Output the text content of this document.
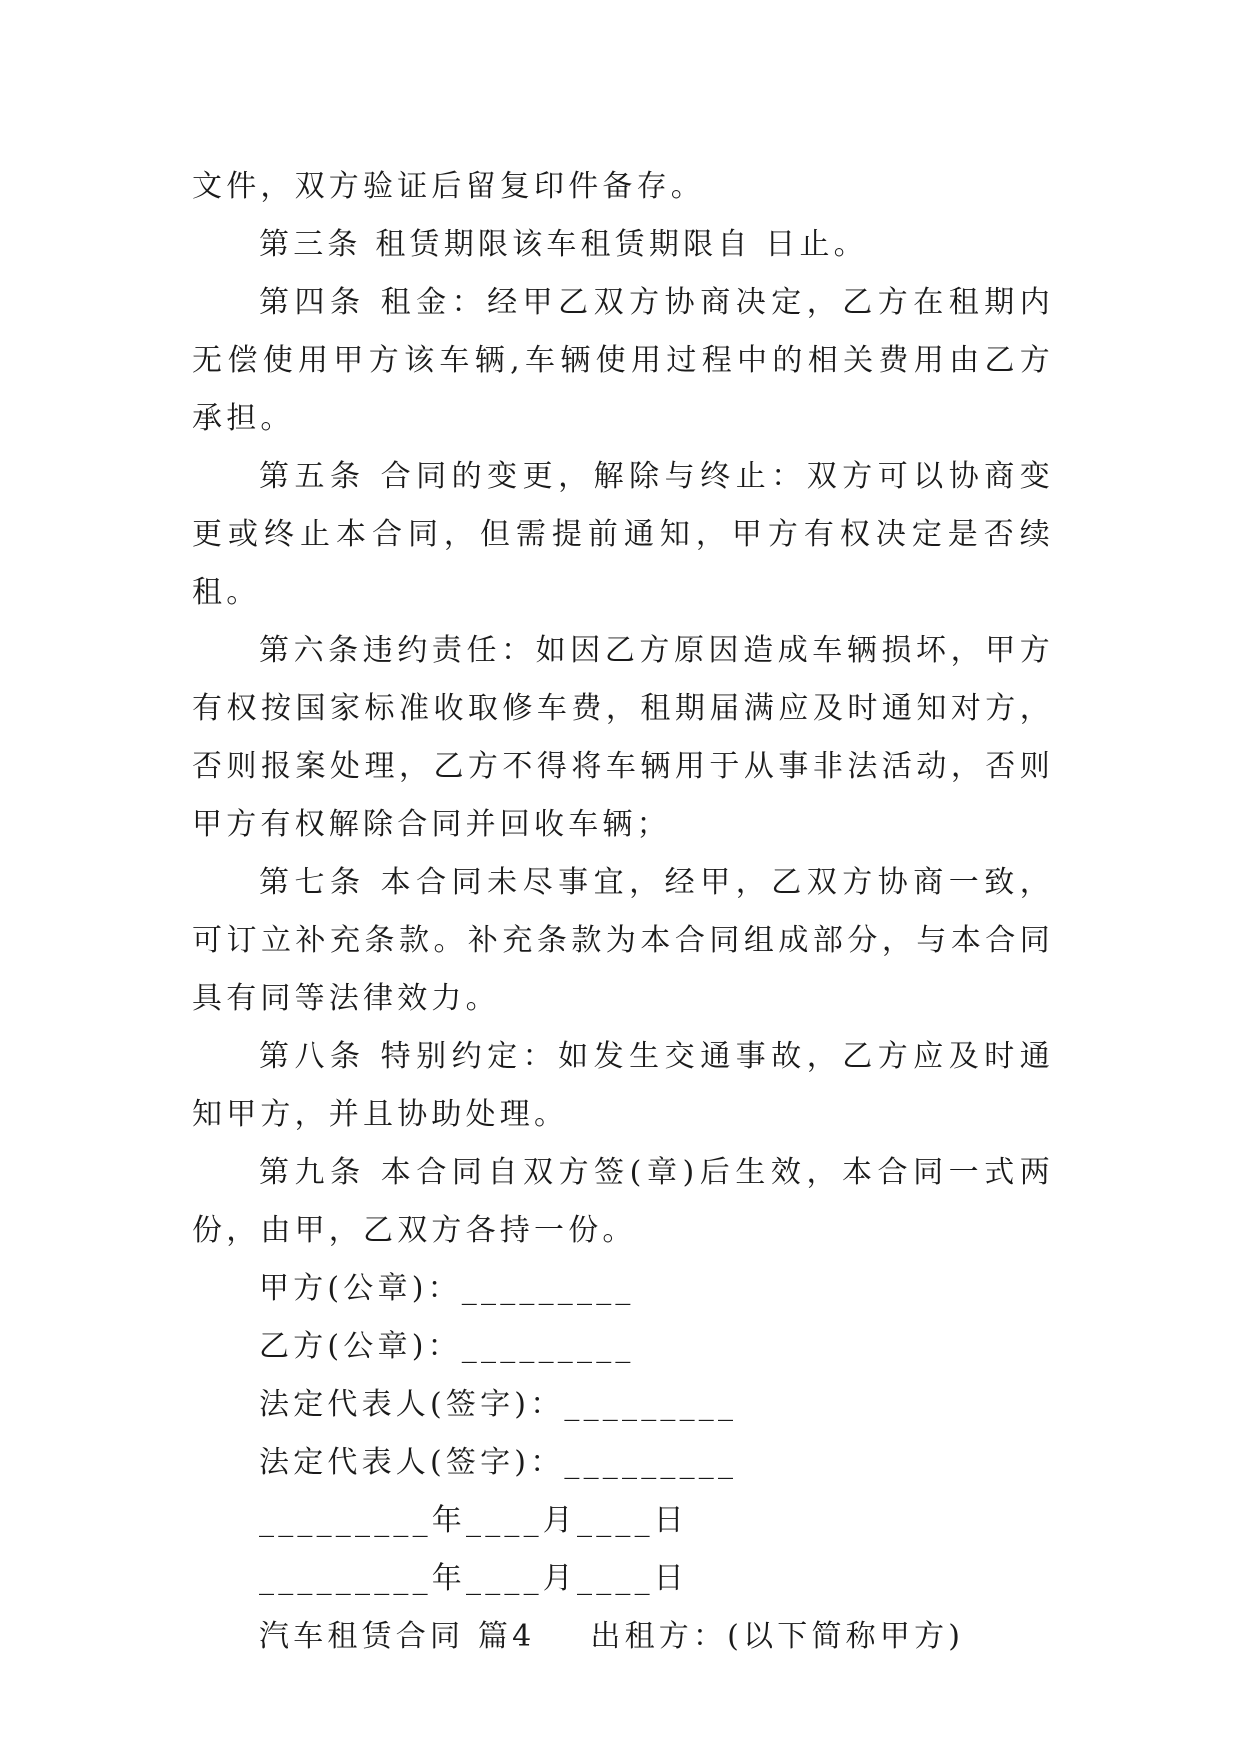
文件，双方验证后留复印件备存。

第三条 租赁期限该车租赁期限自 日止。

第四条 租金：经甲乙双方协商决定，乙方在租期内无偿使用甲方该车辆,车辆使用过程中的相关费用由乙方承担。

第五条 合同的变更，解除与终止：双方可以协商变更或终止本合同，但需提前通知，甲方有权决定是否续租。

第六条违约责任：如因乙方原因造成车辆损坏，甲方有权按国家标准收取修车费，租期届满应及时通知对方，否则报案处理，乙方不得将车辆用于从事非法活动，否则甲方有权解除合同并回收车辆；

第七条 本合同未尽事宜，经甲，乙双方协商一致，可订立补充条款。补充条款为本合同组成部分，与本合同具有同等法律效力。

第八条 特别约定：如发生交通事故，乙方应及时通知甲方，并且协助处理。

第九条 本合同自双方签(章)后生效，本合同一式两份，由甲，乙双方各持一份。

甲方(公章)：_________

乙方(公章)：_________

法定代表人(签字)：_________

法定代表人(签字)：_________

_________年____月____日

_________年____月____日

汽车租赁合同 篇4    出租方：(以下简称甲方)
